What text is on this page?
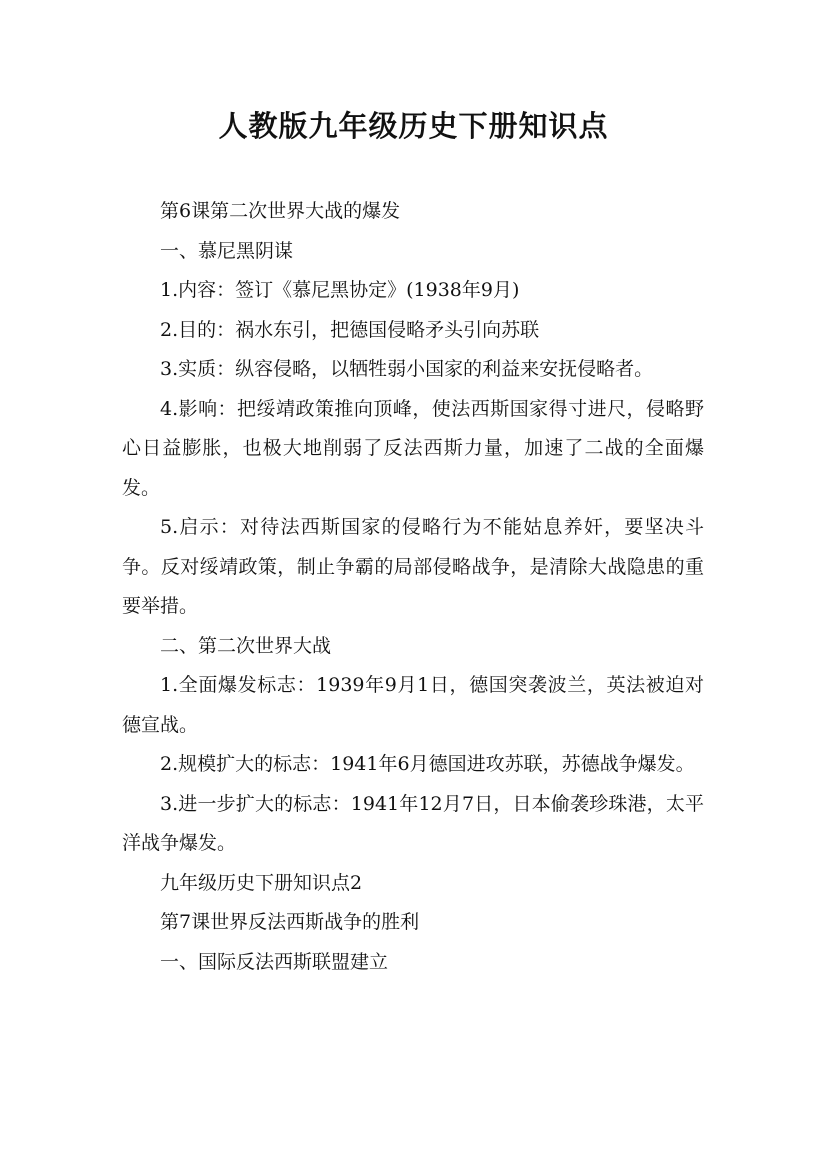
人教版九年级历史下册知识点

第6课第二次世界大战的爆发

一、慕尼黑阴谋

1.内容：签订《慕尼黑协定》(1938年9月)

2.目的：祸水东引，把德国侵略矛头引向苏联

3.实质：纵容侵略，以牺牲弱小国家的利益来安抚侵略者。

4.影响：把绥靖政策推向顶峰，使法西斯国家得寸进尺，侵略野心日益膨胀，也极大地削弱了反法西斯力量，加速了二战的全面爆发。

5.启示：对待法西斯国家的侵略行为不能姑息养奸，要坚决斗争。反对绥靖政策，制止争霸的局部侵略战争，是清除大战隐患的重要举措。

二、第二次世界大战

1.全面爆发标志：1939年9月1日，德国突袭波兰，英法被迫对德宣战。

2.规模扩大的标志：1941年6月德国进攻苏联，苏德战争爆发。

3.进一步扩大的标志：1941年12月7日，日本偷袭珍珠港，太平洋战争爆发。

九年级历史下册知识点2

第7课世界反法西斯战争的胜利

一、国际反法西斯联盟建立
